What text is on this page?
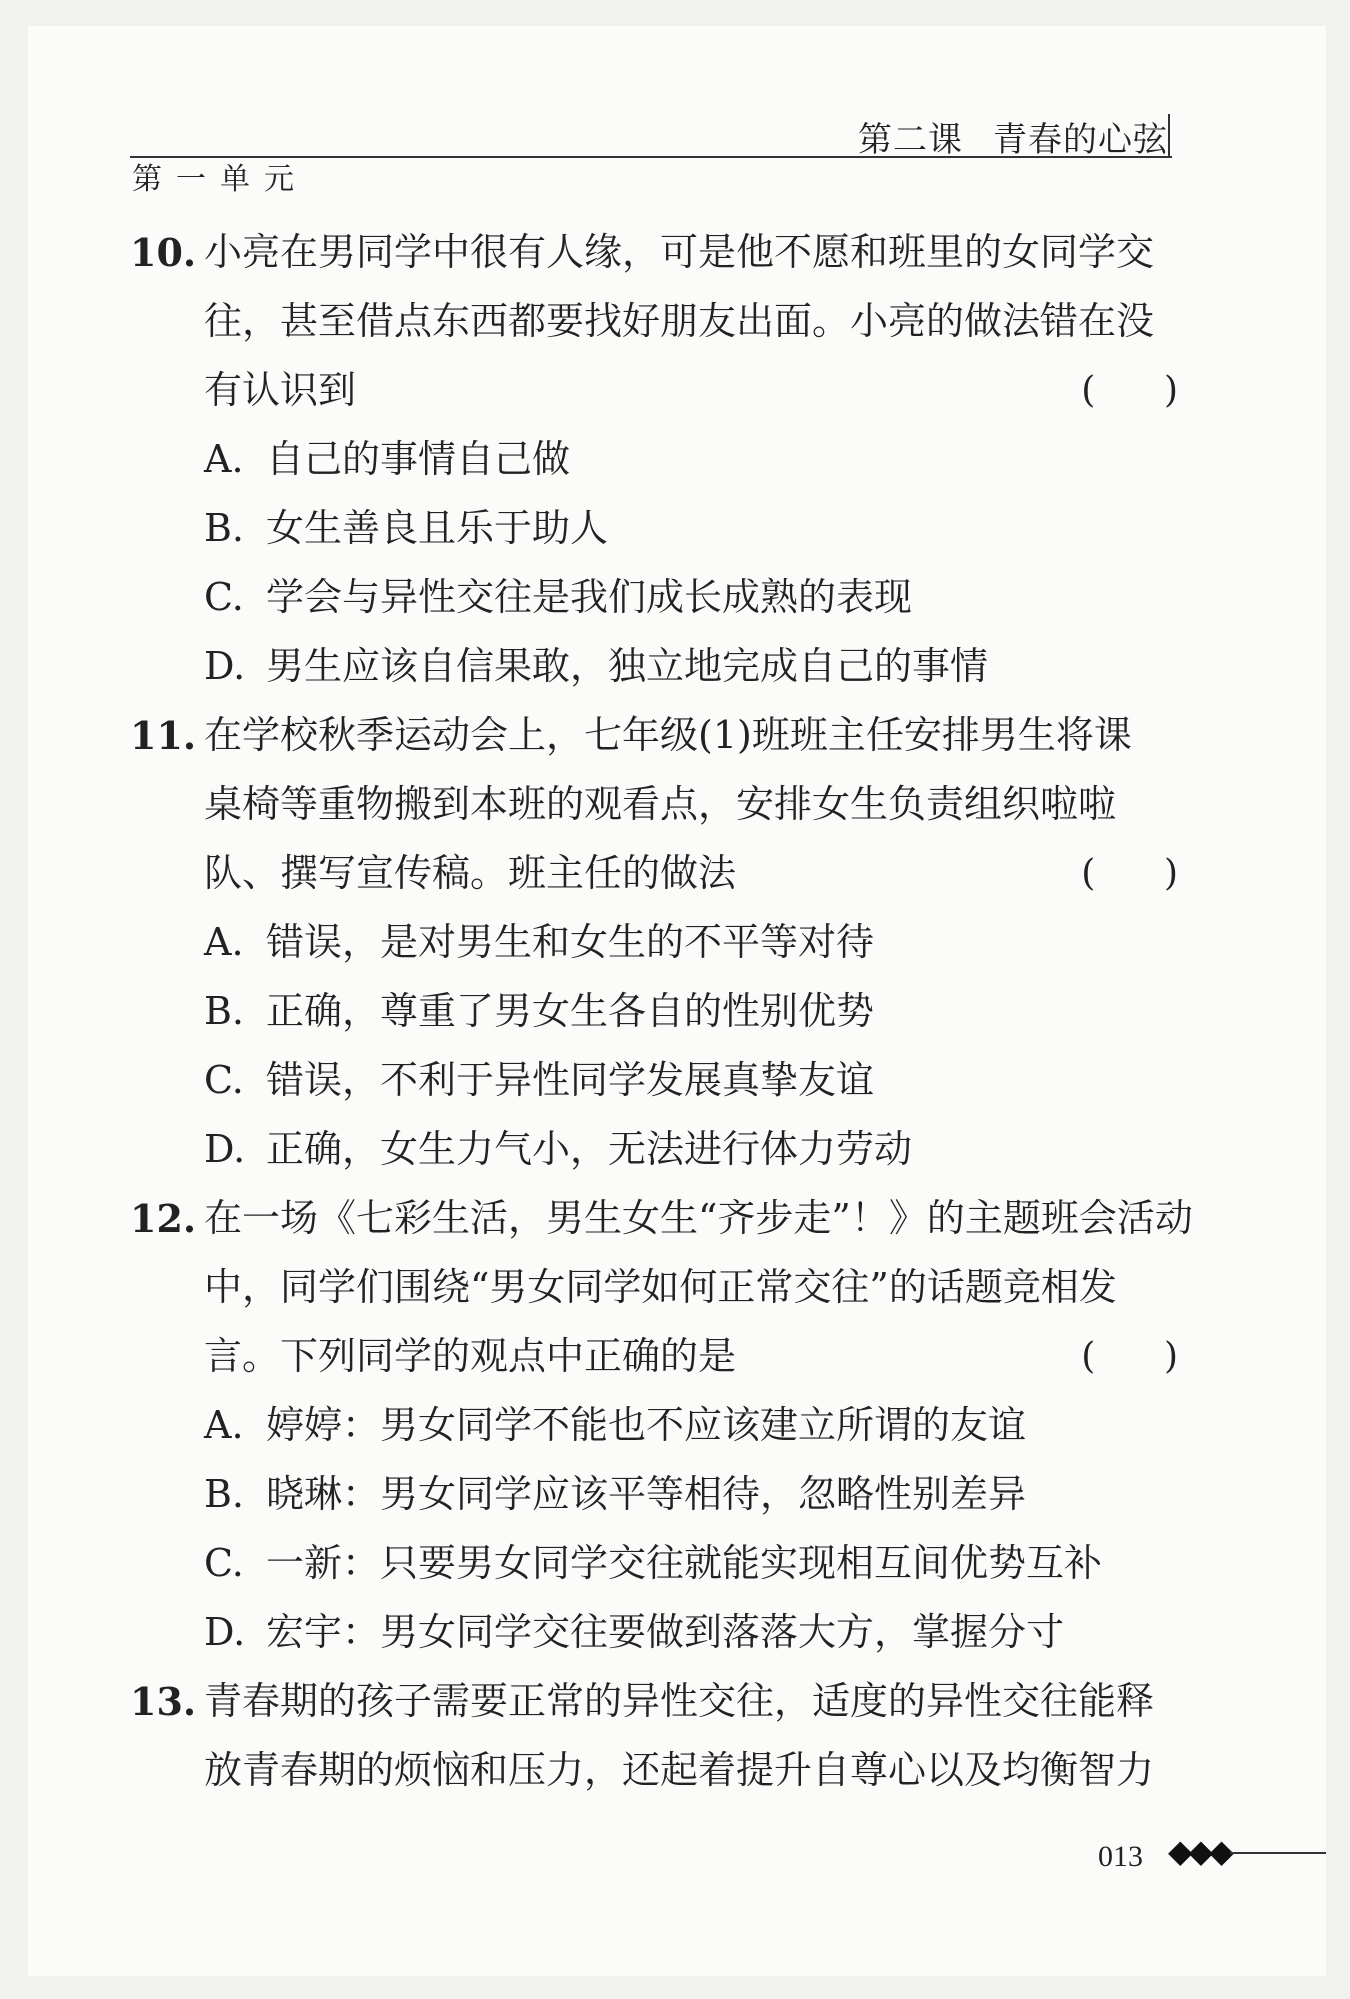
第二课 青春的心弦
第一单元
10. 小亮在男同学中很有人缘，可是他不愿和班里的女同学交
往，甚至借点东西都要找好朋友出面。小亮的做法错在没
有认识到	(      )
A. 自己的事情自己做
B. 女生善良且乐于助人
C. 学会与异性交往是我们成长成熟的表现
D. 男生应该自信果敢，独立地完成自己的事情
11. 在学校秋季运动会上，七年级(1)班班主任安排男生将课
桌椅等重物搬到本班的观看点，安排女生负责组织啦啦
队、撰写宣传稿。班主任的做法	(      )
A. 错误，是对男生和女生的不平等对待
B. 正确，尊重了男女生各自的性别优势
C. 错误，不利于异性同学发展真挚友谊
D. 正确，女生力气小，无法进行体力劳动
12. 在一场《七彩生活，男生女生“齐步走”！》的主题班会活动
中，同学们围绕“男女同学如何正常交往”的话题竞相发
言。下列同学的观点中正确的是	(      )
A. 婷婷：男女同学不能也不应该建立所谓的友谊
B. 晓琳：男女同学应该平等相待，忽略性别差异
C. 一新：只要男女同学交往就能实现相互间优势互补
D. 宏宇：男女同学交往要做到落落大方，掌握分寸
13. 青春期的孩子需要正常的异性交往，适度的异性交往能释
放青春期的烦恼和压力，还起着提升自尊心以及均衡智力
013 ◆◆◆
